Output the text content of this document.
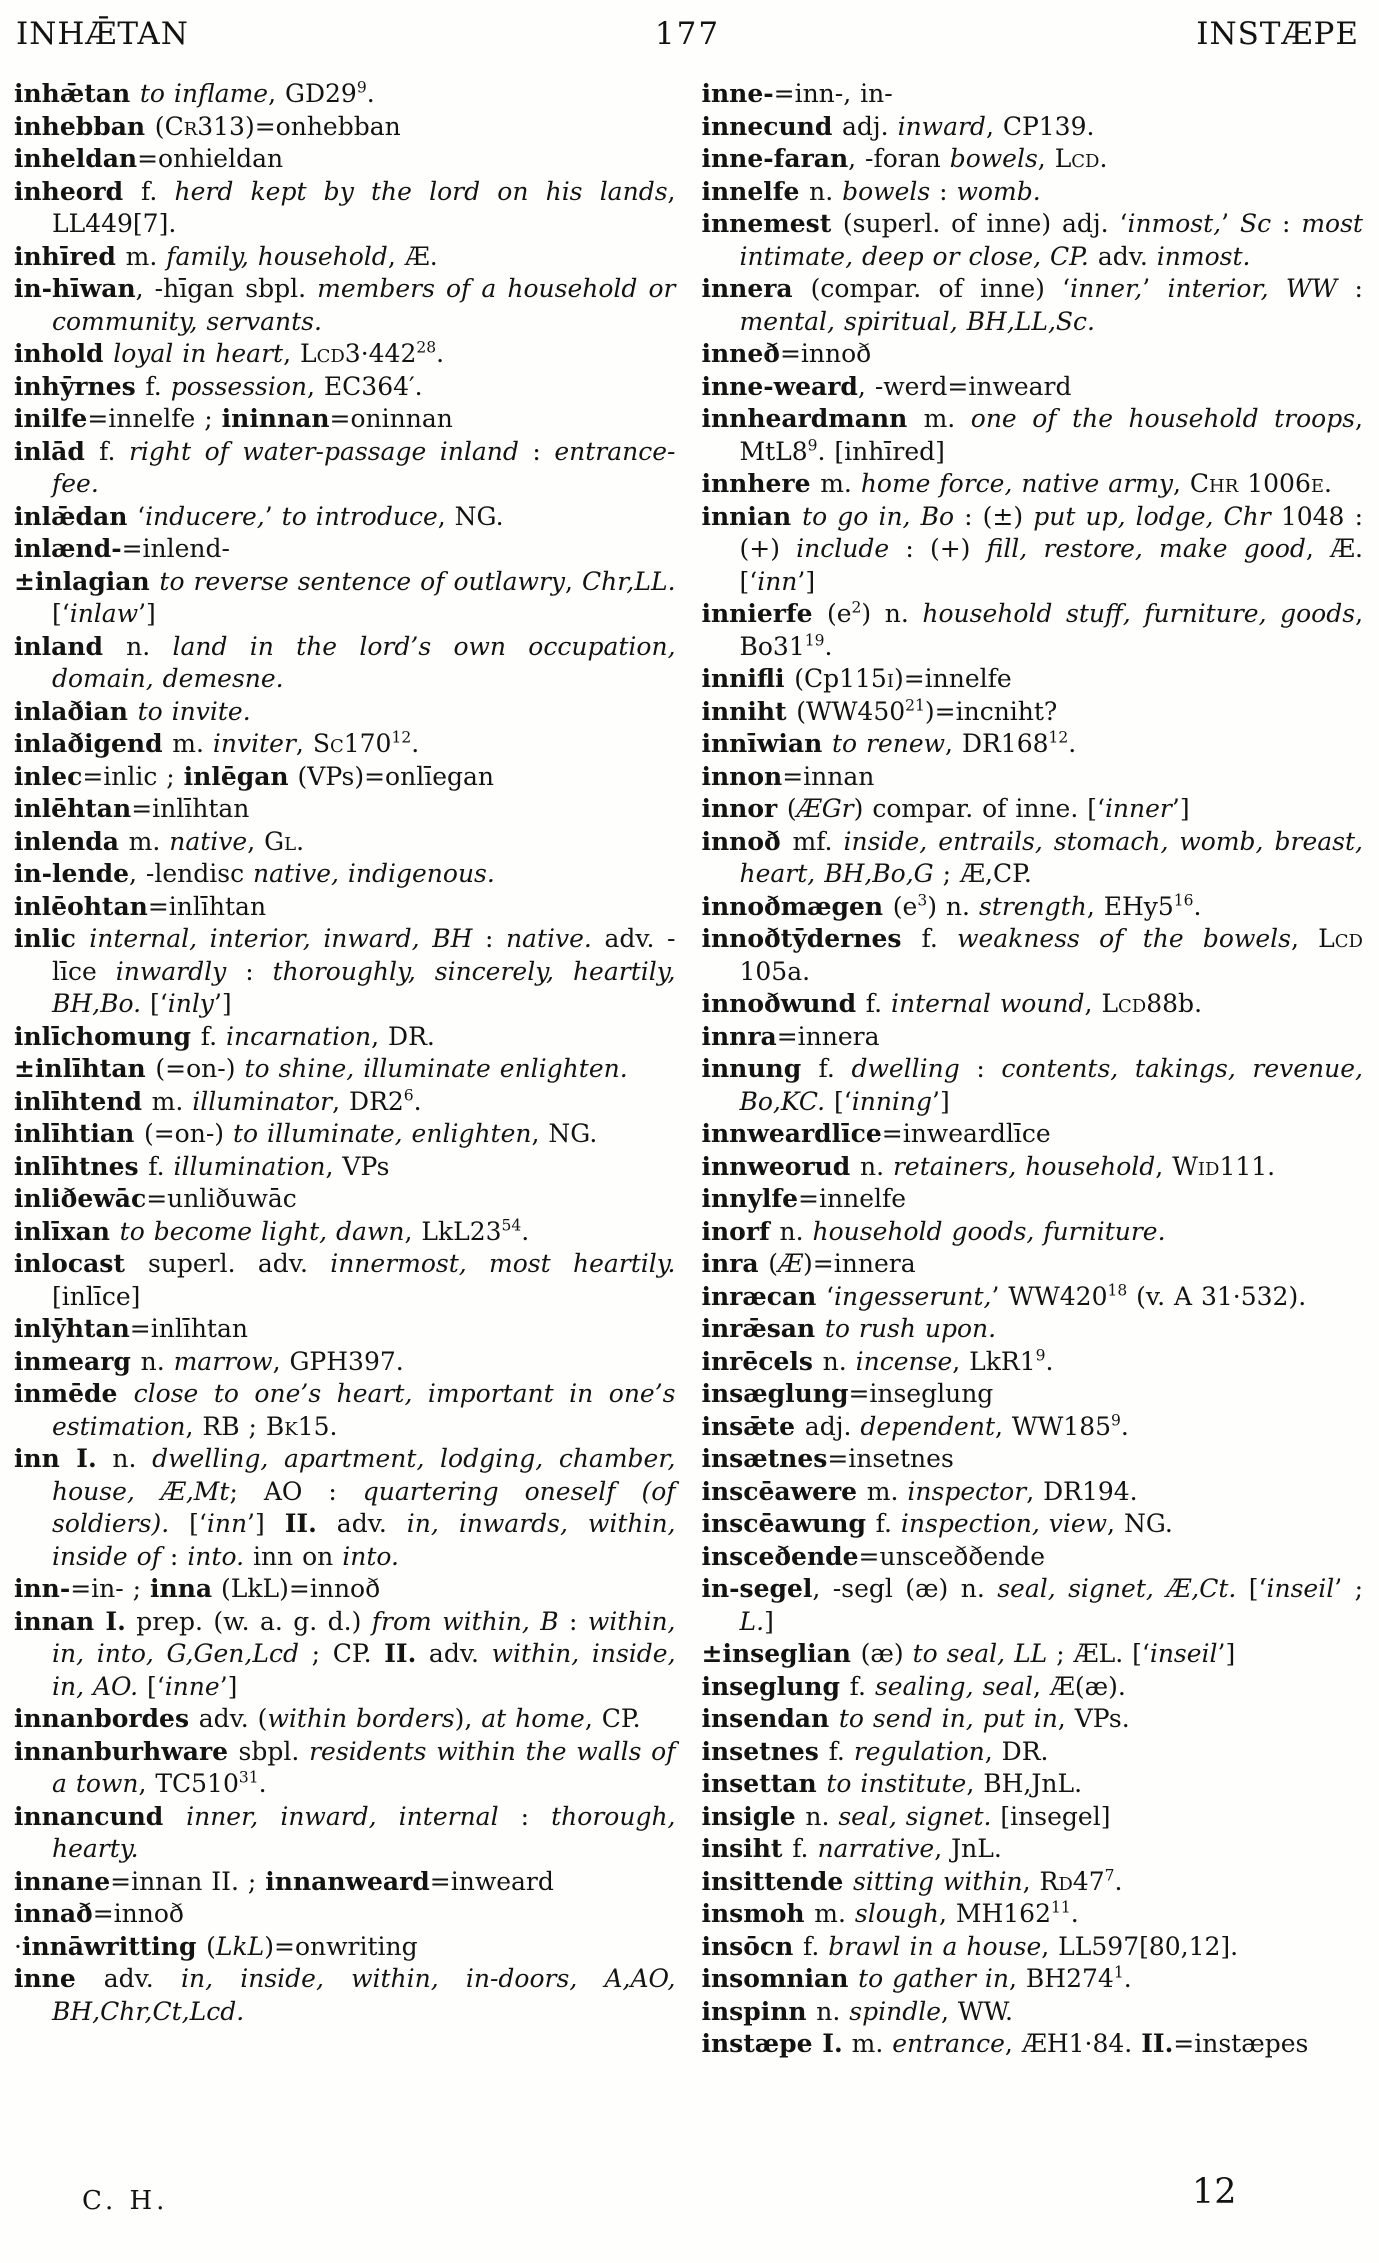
INHǢTAN	177	INSTÆPE

inhǣtan to inflame, $GD29^9$.

inhebban (Cr313)=onhebban

inheldan=onhieldan

inheord f. herd kept by the lord on his lands, LL449[7].

inhīred m. family, household, Æ.

in-hīwan, -hīgan sbpl. members of a household or community, servants.

inhold loyal in heart, $Lcd3\cdot 442^{28}$.

inhȳrnes f. possession, EC364′.

inilfe=innelfe ; ininnan=oninnan

inlād f. right of water-passage inland : entrance-fee.

inlǣdan ‘inducere,’ to introduce, NG.

inlænd-=inlend-

±inlagian to reverse sentence of outlawry, Chr,LL. [‘inlaw’]

inland n. land in the lord’s own occupation, domain, demesne.

inlaðian to invite.

inlaðigend m. inviter, $Sc170^{12}$.

inlec=inlic ; inlēgan (VPs)=onlīegan

inlēhtan=inlīhtan

inlenda m. native, Gl.

in-lende, -lendisc native, indigenous.

inlēohtan=inlīhtan

inlic internal, interior, inward, BH : native. adv. -līce inwardly : thoroughly, sincerely, heartily, BH,Bo. [‘inly’]

inlīchomung f. incarnation, DR.

±inlīhtan (=on-) to shine, illuminate enlighten.

inlīhtend m. illuminator, $DR2^6$.

inlīhtian (=on-) to illuminate, enlighten, NG.

inlīhtnes f. illumination, VPs

inliðewāc=unliðuwāc

inlīxan to become light, dawn, $LkL23^{54}$.

inlocast superl. adv. innermost, most heartily. [inlīce]

inlȳhtan=inlīhtan

inmearg n. marrow, GPH397.

inmēde close to one’s heart, important in one’s estimation, RB ; Bk15.

inn I. n. dwelling, apartment, lodging, chamber, house, Æ,Mt; AO : quartering oneself (of soldiers). [‘inn’] II. adv. in, inwards, within, inside of : into. inn on into.

inn-=in- ; inna (LkL)=innoð

innan I. prep. (w. a. g. d.) from within, B : within, in, into, G,Gen,Lcd ; CP. II. adv. within, inside, in, AO. [‘inne’]

innanbordes adv. (within borders), at home, CP.

innanburhware sbpl. residents within the walls of a town, $TC510^{31}$.

innancund inner, inward, internal : thorough, hearty.

innane=innan II. ; innanweard=inweard

innað=innoð

·innāwritting (LkL)=onwriting

inne adv. in, inside, within, in-doors, A,AO, BH,Chr,Ct,Lcd.

inne-=inn-, in-

innecund adj. inward, CP139.

inne-faran, -foran bowels, Lcd.

innelfe n. bowels : womb.

innemest (superl. of inne) adj. ‘inmost,’ Sc : most intimate, deep or close, CP. adv. inmost.

innera (compar. of inne) ‘inner,’ interior, WW : mental, spiritual, BH,LL,Sc.

inneð=innoð

inne-weard, -werd=inweard

innheardmann m. one of the household troops, $MtL8^9$. [inhīred]

innhere m. home force, native army, Chr 1006e.

innian to go in, Bo : (±) put up, lodge, Chr 1048 : (+) include : (+) fill, restore, make good, Æ. [‘inn’]

innierfe $(e^2)$ n. household stuff, furniture, goods, $Bo31^{19}$.

innifli (Cp115i)=innelfe

inniht $(WW450^{21})=incniht$?

innīwian to renew, $DR168^{12}$.

innon=innan

innor (ÆGr) compar. of inne. [‘inner’]

innoð mf. inside, entrails, stomach, womb, breast, heart, BH,Bo,G ; Æ,CP.

innoðmægen $(e^3)$ n. strength, $EHy5^{16}$.

innoðtȳdernes f. weakness of the bowels, Lcd 105a.

innoðwund f. internal wound, Lcd88b.

innra=innera

innung f. dwelling : contents, takings, revenue, Bo,KC. [‘inning’]

innweardlīce=inweardlīce

innweorud n. retainers, household, Wid111.

innylfe=innelfe

inorf n. household goods, furniture.

inra (Æ)=innera

inræcan ‘ingesserunt,’ $WW420^{18}$ (v. A 31·532).

inrǣsan to rush upon.

inrēcels n. incense, $LkR1^9$.

insæglung=inseglung

insǣte adj. dependent, $WW185^9$.

insætnes=insetnes

inscēawere m. inspector, DR194.

inscēawung f. inspection, view, NG.

insceðende=unsceððende

in-segel, -segl (æ) n. seal, signet, Æ,Ct. [‘inseil’ ; L.]

±inseglian (æ) to seal, LL ; ÆL. [‘inseil’]

inseglung f. sealing, seal, Æ(æ).

insendan to send in, put in, VPs.

insetnes f. regulation, DR.

insettan to institute, BH,JnL.

insigle n. seal, signet. [insegel]

insiht f. narrative, JnL.

insittende sitting within, $Rd47^7$.

insmoh m. slough, $MH162^{11}$.

insōcn f. brawl in a house, LL597[80,12].

insomnian to gather in, $BH274^1$.

inspinn n. spindle, WW.

instæpe I. m. entrance, ÆH1·84. II.=instæpes

C. H.	12
